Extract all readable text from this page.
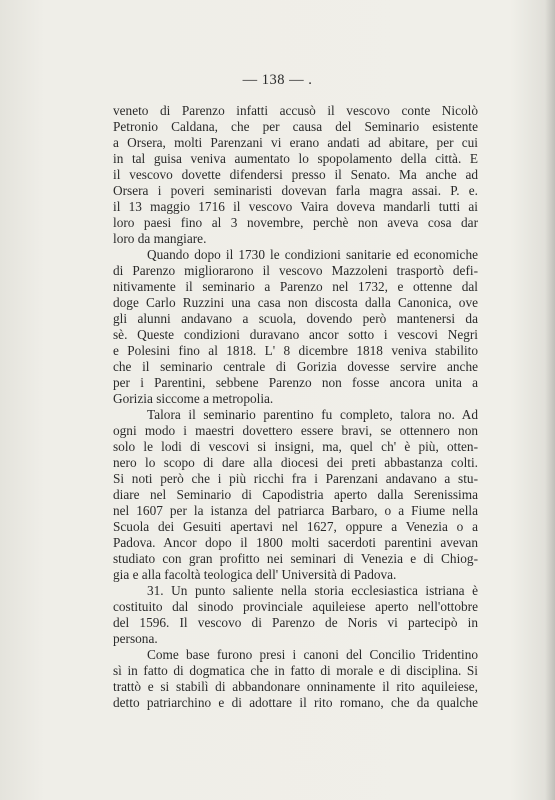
— 138 — .
veneto di Parenzo infatti accusò il vescovo conte Nicolò
Petronio Caldana, che per causa del Seminario esistente
a Orsera, molti Parenzani vi erano andati ad abitare, per cui
in tal guisa veniva aumentato lo spopolamento della città. E
il vescovo dovette difendersi presso il Senato. Ma anche ad
Orsera i poveri seminaristi dovevan farla magra assai. P. e.
il 13 maggio 1716 il vescovo Vaira doveva mandarli tutti ai
loro paesi fino al 3 novembre, perchè non aveva cosa dar
loro da mangiare.
Quando dopo il 1730 le condizioni sanitarie ed economiche
di Parenzo migliorarono il vescovo Mazzoleni trasportò defi-
nitivamente il seminario a Parenzo nel 1732, e ottenne dal
doge Carlo Ruzzini una casa non discosta dalla Canonica, ove
gli alunni andavano a scuola, dovendo però mantenersi da
sè. Queste condizioni duravano ancor sotto i vescovi Negri
e Polesini fino al 1818. L' 8 dicembre 1818 veniva stabilito
che il seminario centrale di Gorizia dovesse servire anche
per i Parentini, sebbene Parenzo non fosse ancora unita a
Gorizia siccome a metropolia.
Talora il seminario parentino fu completo, talora no. Ad
ogni modo i maestri dovettero essere bravi, se ottennero non
solo le lodi di vescovi si insigni, ma, quel ch' è più, otten-
nero lo scopo di dare alla diocesi dei preti abbastanza colti.
Si noti però che i più ricchi fra i Parenzani andavano a stu-
diare nel Seminario di Capodistria aperto dalla Serenissima
nel 1607 per la istanza del patriarca Barbaro, o a Fiume nella
Scuola dei Gesuiti apertavi nel 1627, oppure a Venezia o a
Padova. Ancor dopo il 1800 molti sacerdoti parentini avevan
studiato con gran profitto nei seminari di Venezia e di Chiog-
gia e alla facoltà teologica dell' Università di Padova.
31. Un punto saliente nella storia ecclesiastica istriana è
costituito dal sinodo provinciale aquileiese aperto nell'ottobre
del 1596. Il vescovo di Parenzo de Noris vi partecipò in
persona.
Come base furono presi i canoni del Concilio Tridentino
sì in fatto di dogmatica che in fatto di morale e di disciplina. Si
trattò e si stabilì di abbandonare onninamente il rito aquileiese,
detto patriarchino e di adottare il rito romano, che da qualche
